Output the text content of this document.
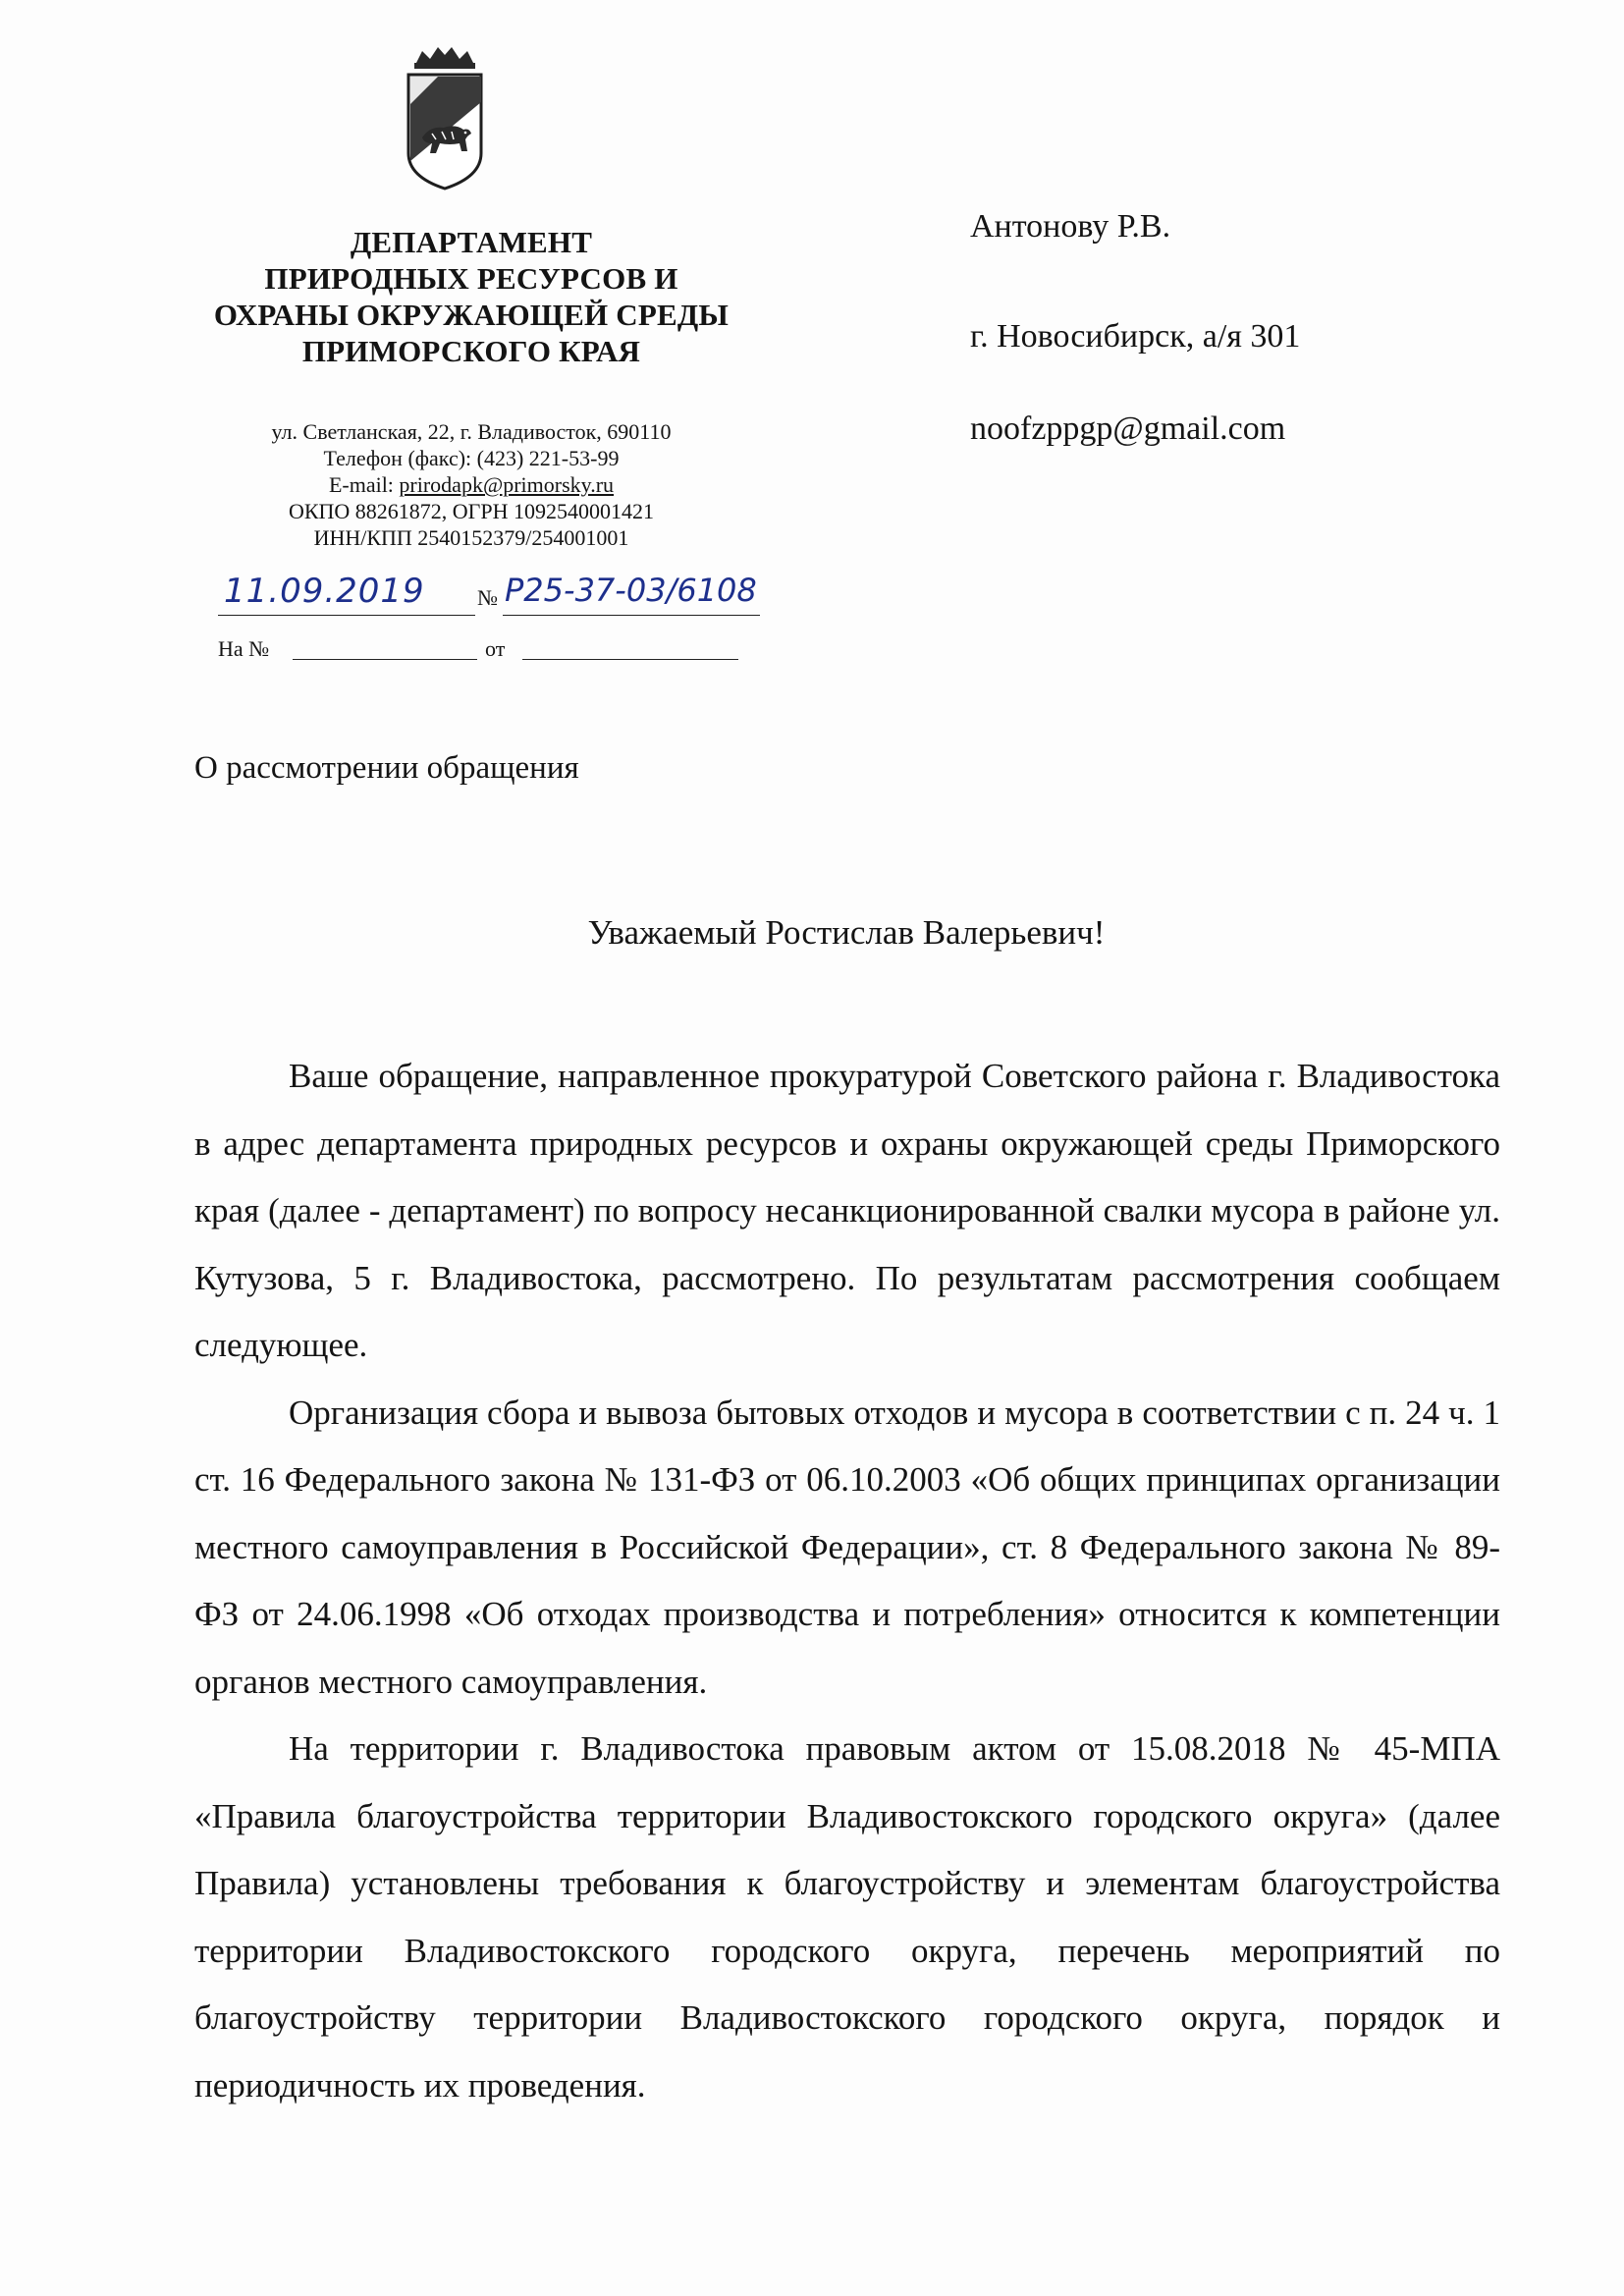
ДЕПАРТАМЕНТ
ПРИРОДНЫХ РЕСУРСОВ И
ОХРАНЫ ОКРУЖАЮЩЕЙ СРЕДЫ
ПРИМОРСКОГО КРАЯ
ул. Светланская, 22, г. Владивосток, 690110
Телефон (факс): (423) 221-53-99
E-mail: prirodapk@primorsky.ru
ОКПО 88261872, ОГРН 1092540001421
ИНН/КПП 2540152379/254001001
11.09.2019	№ Р25-37-03/6108
На №	от
Антонову Р.В.
г. Новосибирск, а/я 301
noofzppgp@gmail.com
О рассмотрении обращения
Уважаемый Ростислав Валерьевич!

Ваше обращение, направленное прокуратурой Советского района г. Владивостока в адрес департамента природных ресурсов и охраны окружающей среды Приморского края (далее - департамент) по вопросу несанкционированной свалки мусора в районе ул. Кутузова, 5 г. Владивостока, рассмотрено. По результатам рассмотрения сообщаем следующее.

Организация сбора и вывоза бытовых отходов и мусора в соответствии с п. 24 ч. 1 ст. 16 Федерального закона № 131-ФЗ от 06.10.2003 «Об общих принципах организации местного самоуправления в Российской Федерации», ст. 8 Федерального закона № 89-ФЗ от 24.06.1998 «Об отходах производства и потребления» относится к компетенции органов местного самоуправления.

На территории г. Владивостока правовым актом от 15.08.2018 № 45-МПА «Правила благоустройства территории Владивостокского городского округа» (далее Правила) установлены требования к благоустройству и элементам благоустройства территории Владивостокского городского округа, перечень мероприятий по благоустройству территории Владивостокского городского округа, порядок и периодичность их проведения.
